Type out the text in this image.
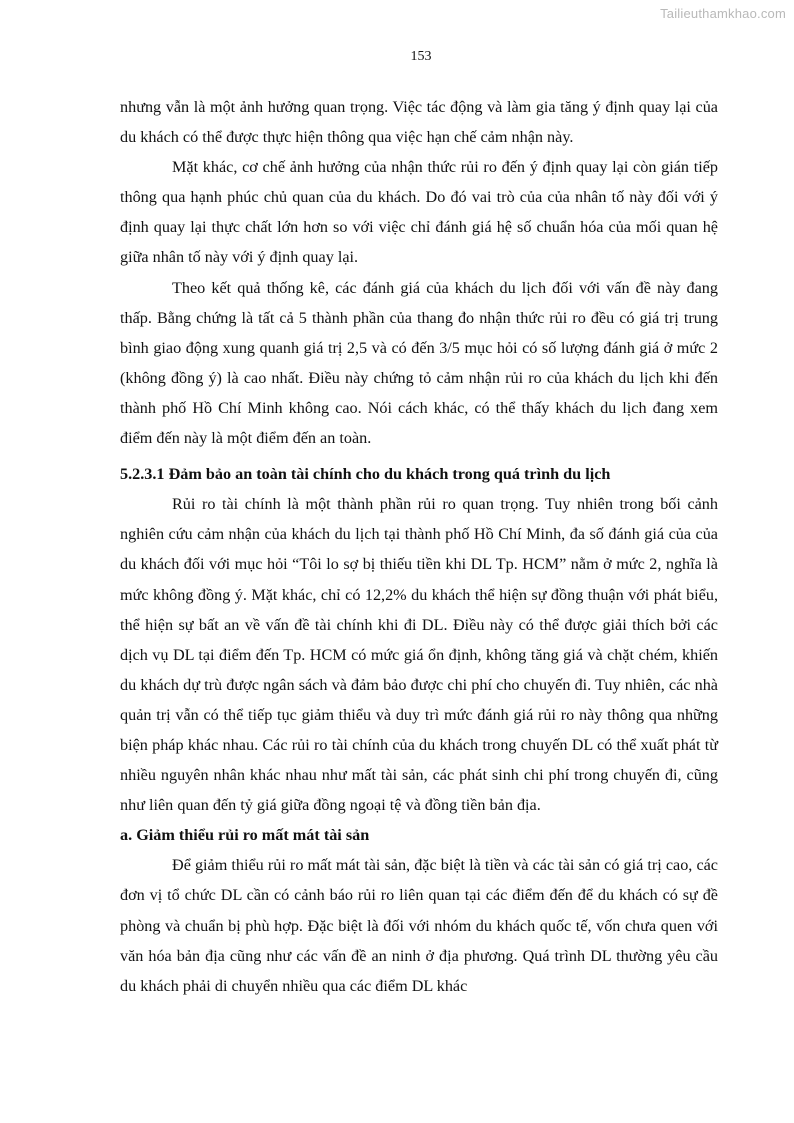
Tailieuthamkhao.com
153

nhưng vẫn là một ảnh hưởng quan trọng. Việc tác động và làm gia tăng ý định quay lại của du khách có thể được thực hiện thông qua việc hạn chế cảm nhận này.

Mặt khác, cơ chế ảnh hưởng của nhận thức rủi ro đến ý định quay lại còn gián tiếp thông qua hạnh phúc chủ quan của du khách. Do đó vai trò của của nhân tố này đối với ý định quay lại thực chất lớn hơn so với việc chỉ đánh giá hệ số chuẩn hóa của mối quan hệ giữa nhân tố này với ý định quay lại.

Theo kết quả thống kê, các đánh giá của khách du lịch đối với vấn đề này đang thấp. Bằng chứng là tất cả 5 thành phần của thang đo nhận thức rủi ro đều có giá trị trung bình giao động xung quanh giá trị 2,5 và có đến 3/5 mục hỏi có số lượng đánh giá ở mức 2 (không đồng ý) là cao nhất. Điều này chứng tỏ cảm nhận rủi ro của khách du lịch khi đến thành phố Hồ Chí Minh không cao. Nói cách khác, có thể thấy khách du lịch đang xem điểm đến này là một điểm đến an toàn.

5.2.3.1 Đảm bảo an toàn tài chính cho du khách trong quá trình du lịch

Rủi ro tài chính là một thành phần rủi ro quan trọng. Tuy nhiên trong bối cảnh nghiên cứu cảm nhận của khách du lịch tại thành phố Hồ Chí Minh, đa số đánh giá của của du khách đối với mục hỏi “Tôi lo sợ bị thiếu tiền khi DL Tp. HCM” nằm ở mức 2, nghĩa là mức không đồng ý. Mặt khác, chỉ có 12,2% du khách thể hiện sự đồng thuận với phát biểu, thể hiện sự bất an về vấn đề tài chính khi đi DL. Điều này có thể được giải thích bởi các dịch vụ DL tại điểm đến Tp. HCM có mức giá ổn định, không tăng giá và chặt chém, khiến du khách dự trù được ngân sách và đảm bảo được chi phí cho chuyến đi. Tuy nhiên, các nhà quản trị vẫn có thể tiếp tục giảm thiểu và duy trì mức đánh giá rủi ro này thông qua những biện pháp khác nhau. Các rủi ro tài chính của du khách trong chuyến DL có thể xuất phát từ nhiều nguyên nhân khác nhau như mất tài sản, các phát sinh chi phí trong chuyến đi, cũng như liên quan đến tỷ giá giữa đồng ngoại tệ và đồng tiền bản địa.

a. Giảm thiểu rủi ro mất mát tài sản

Để giảm thiểu rủi ro mất mát tài sản, đặc biệt là tiền và các tài sản có giá trị cao, các đơn vị tổ chức DL cần có cảnh báo rủi ro liên quan tại các điểm đến để du khách có sự đề phòng và chuẩn bị phù hợp. Đặc biệt là đối với nhóm du khách quốc tế, vốn chưa quen với văn hóa bản địa cũng như các vấn đề an ninh ở địa phương. Quá trình DL thường yêu cầu du khách phải di chuyển nhiều qua các điểm DL khác
